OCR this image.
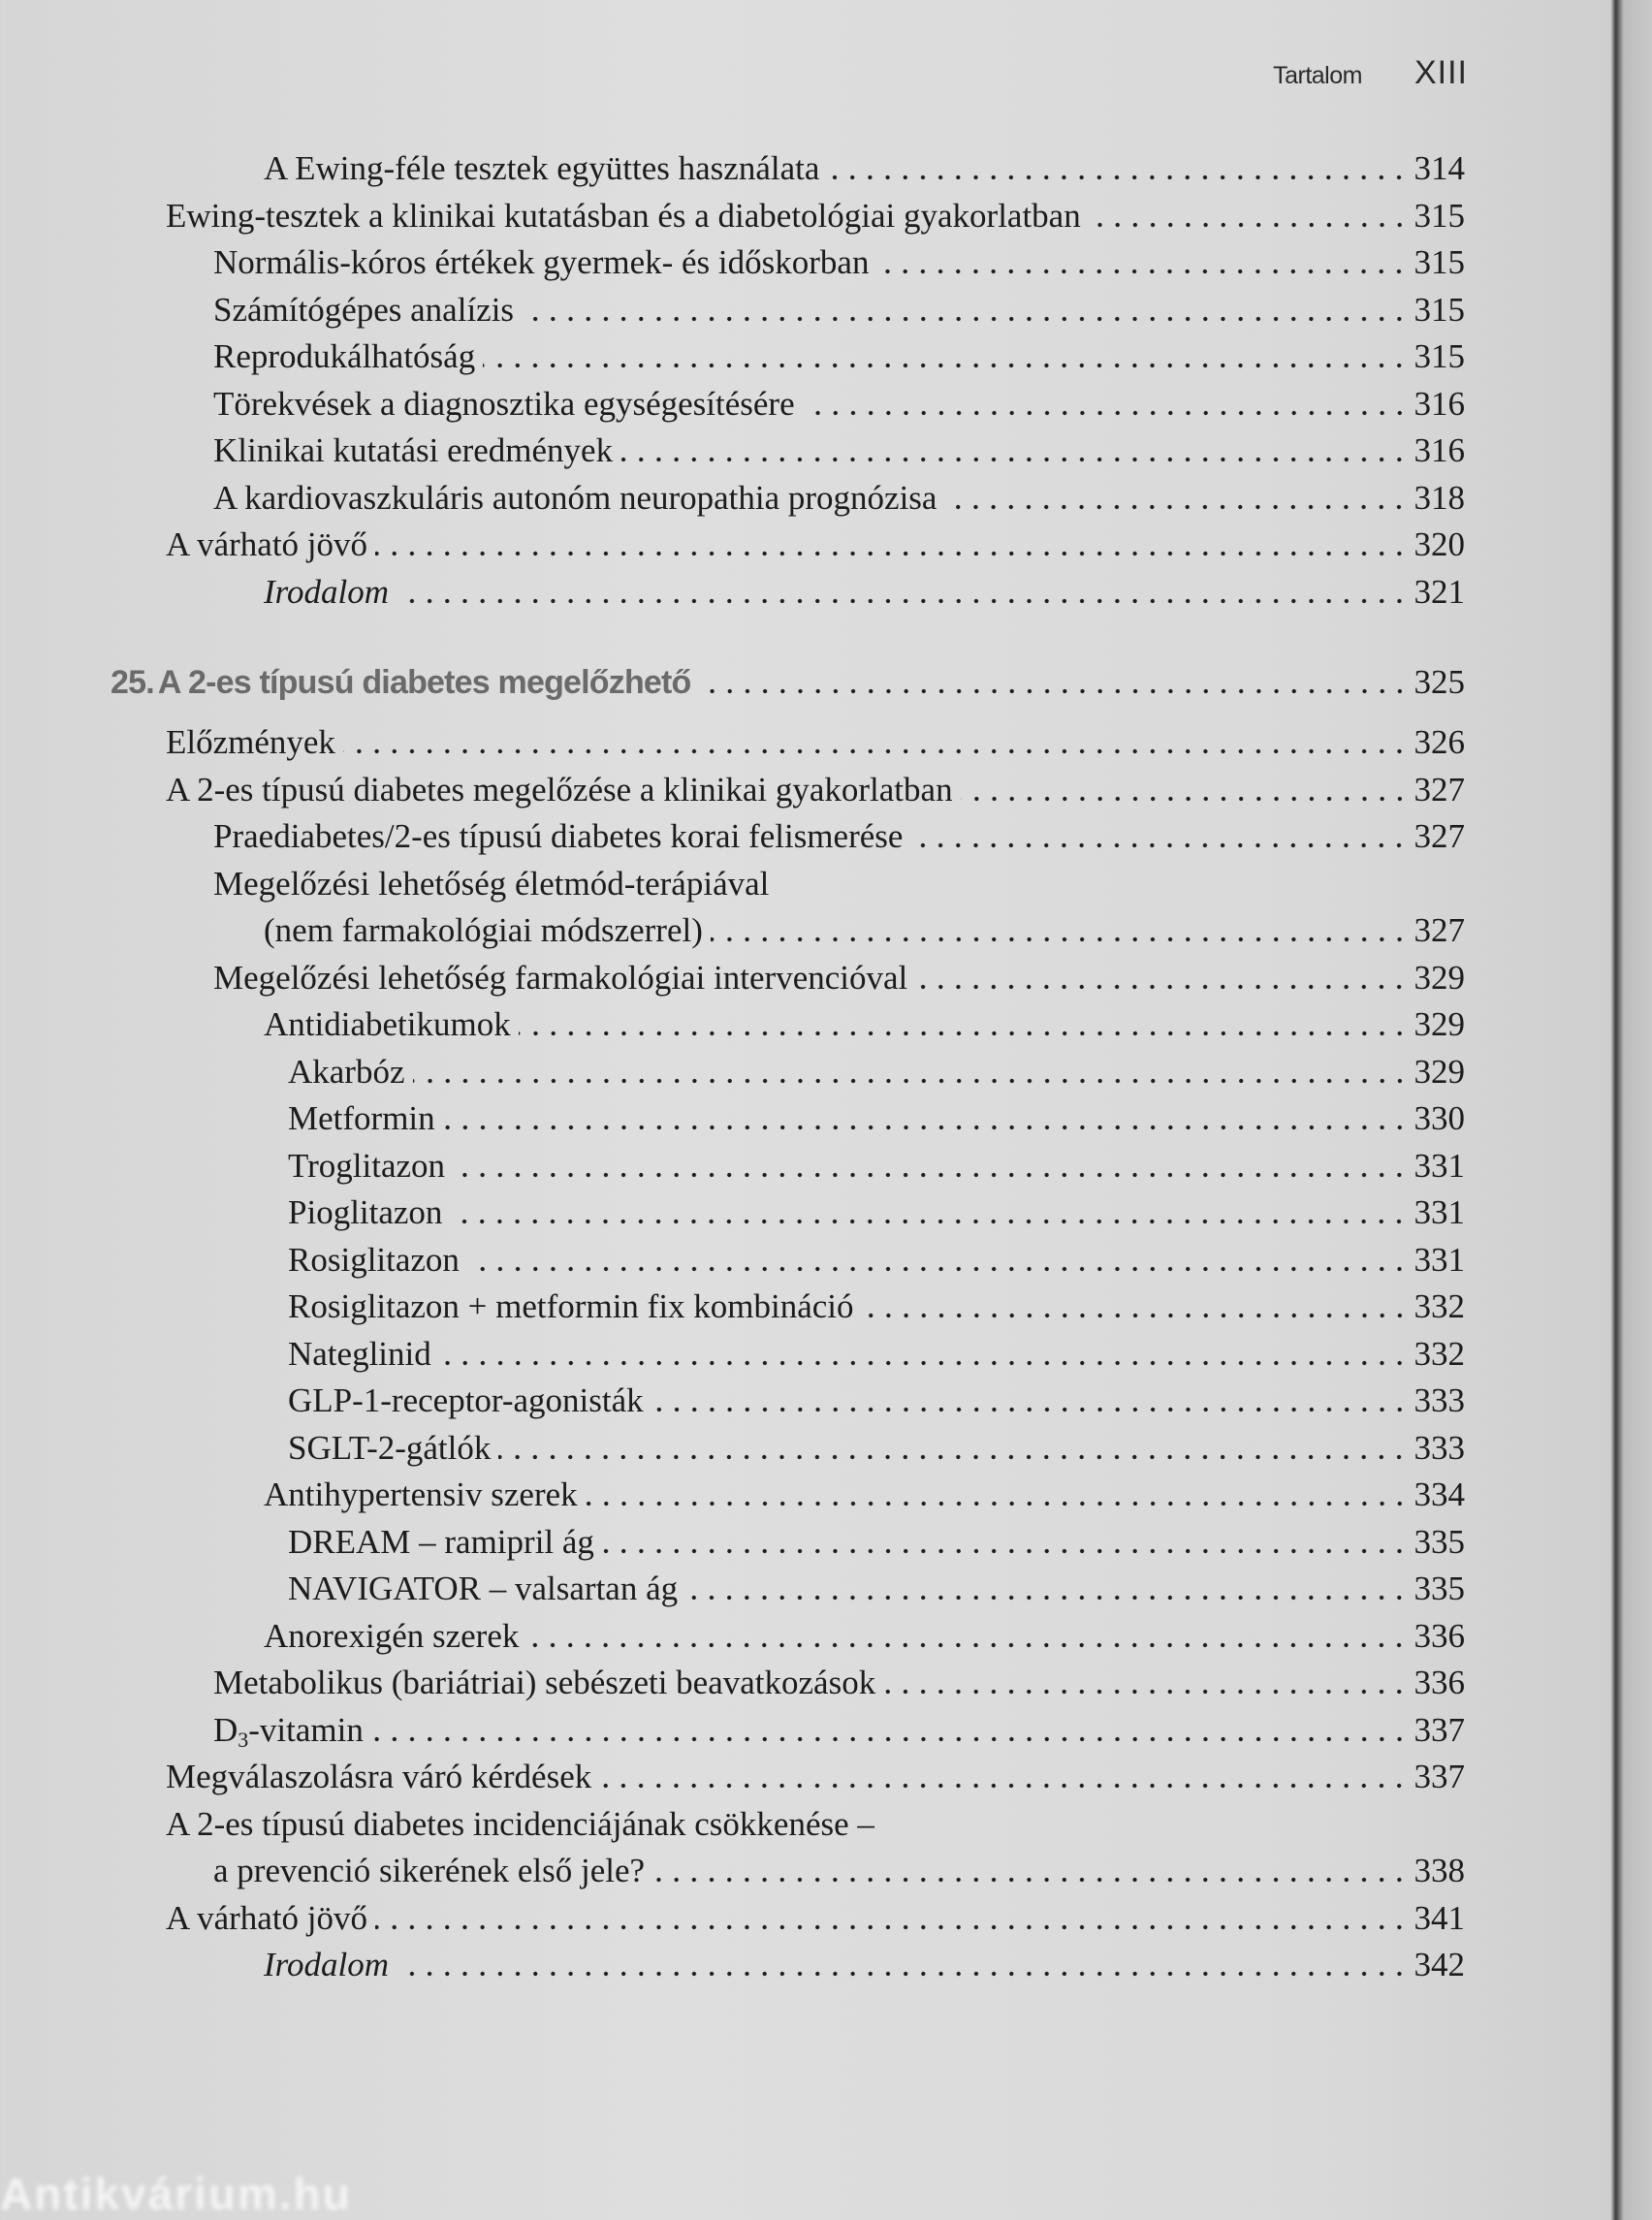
Tartalom XIII
A Ewing-féle tesztek együttes használata	314
Ewing-tesztek a klinikai kutatásban és a diabetológiai gyakorlatban	315
Normális-kóros értékek gyermek- és időskorban	315
Számítógépes analízis	315
Reprodukálhatóság	315
Törekvések a diagnosztika egységesítésére	316
Klinikai kutatási eredmények	316
A kardiovaszkuláris autonóm neuropathia prognózisa	318
A várható jövő	320
Irodalom	321
25. A 2-es típusú diabetes megelőzhető	325
Előzmények	326
A 2-es típusú diabetes megelőzése a klinikai gyakorlatban	327
Praediabetes/2-es típusú diabetes korai felismerése	327
Megelőzési lehetőség életmód-terápiával
(nem farmakológiai módszerrel)	327
Megelőzési lehetőség farmakológiai intervencióval	329
Antidiabetikumok	329
Akarbóz	329
Metformin	330
Troglitazon	331
Pioglitazon	331
Rosiglitazon	331
Rosiglitazon + metformin fix kombináció	332
Nateglinid	332
GLP-1-receptor-agonisták	333
SGLT-2-gátlók	333
Antihypertensiv szerek	334
DREAM – ramipril ág	335
NAVIGATOR – valsartan ág	335
Anorexigén szerek	336
Metabolikus (bariátriai) sebészeti beavatkozások	336
$D_3$-vitamin	337
Megválaszolásra váró kérdések	337
A 2-es típusú diabetes incidenciájának csökkenése –
a prevenció sikerének első jele?	338
A várható jövő	341
Irodalom	342
Antikvárium.hu
